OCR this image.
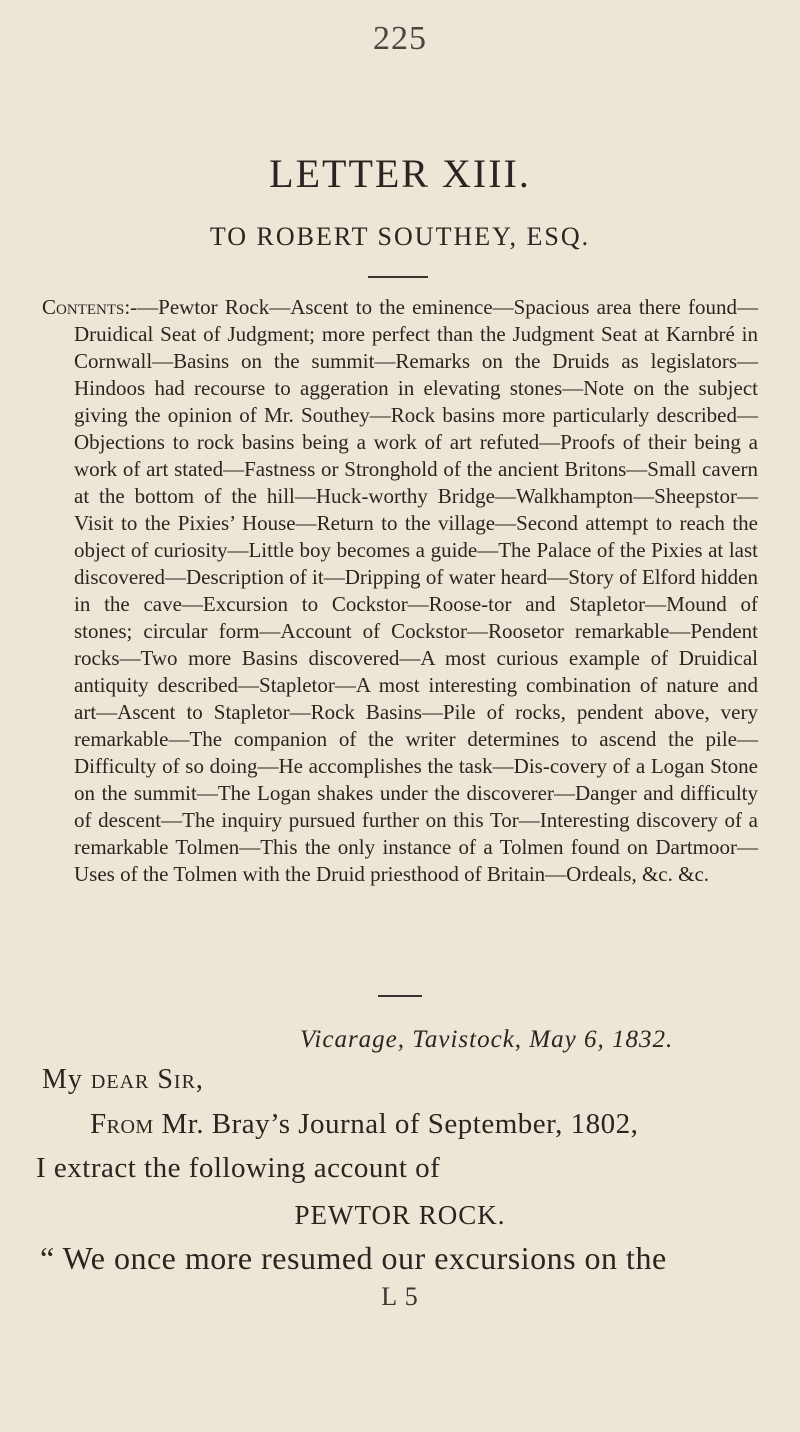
225
LETTER XIII.
TO ROBERT SOUTHEY, ESQ.
Contents:-—Pewtor Rock—Ascent to the eminence—Spacious area there found—Druidical Seat of Judgment; more perfect than the Judgment Seat at Karnbré in Cornwall—Basins on the summit—Remarks on the Druids as legislators—Hindoos had recourse to aggeration in elevating stones—Note on the subject giving the opinion of Mr. Southey—Rock basins more particularly described—Objections to rock basins being a work of art refuted—Proofs of their being a work of art stated—Fastness or Stronghold of the ancient Britons—Small cavern at the bottom of the hill—Huck-worthy Bridge—Walkhampton—Sheepstor—Visit to the Pixies’ House—Return to the village—Second attempt to reach the object of curiosity—Little boy becomes a guide—The Palace of the Pixies at last discovered—Description of it—Dripping of water heard—Story of Elford hidden in the cave—Excursion to Cockstor—Roose-tor and Stapletor—Mound of stones; circular form—Account of Cockstor—Roosetor remarkable—Pendent rocks—Two more Basins discovered—A most curious example of Druidical antiquity described—Stapletor—A most interesting combination of nature and art—Ascent to Stapletor—Rock Basins—Pile of rocks, pendent above, very remarkable—The companion of the writer determines to ascend the pile—Difficulty of so doing—He accomplishes the task—Dis-covery of a Logan Stone on the summit—The Logan shakes under the discoverer—Danger and difficulty of descent—The inquiry pursued further on this Tor—Interesting discovery of a remarkable Tolmen—This the only instance of a Tolmen found on Dartmoor—Uses of the Tolmen with the Druid priesthood of Britain—Ordeals, &c. &c.
Vicarage, Tavistock, May 6, 1832.
My dear Sir,
From Mr. Bray’s Journal of September, 1802,
I extract the following account of
PEWTOR ROCK.
“ We once more resumed our excursions on the
L 5
